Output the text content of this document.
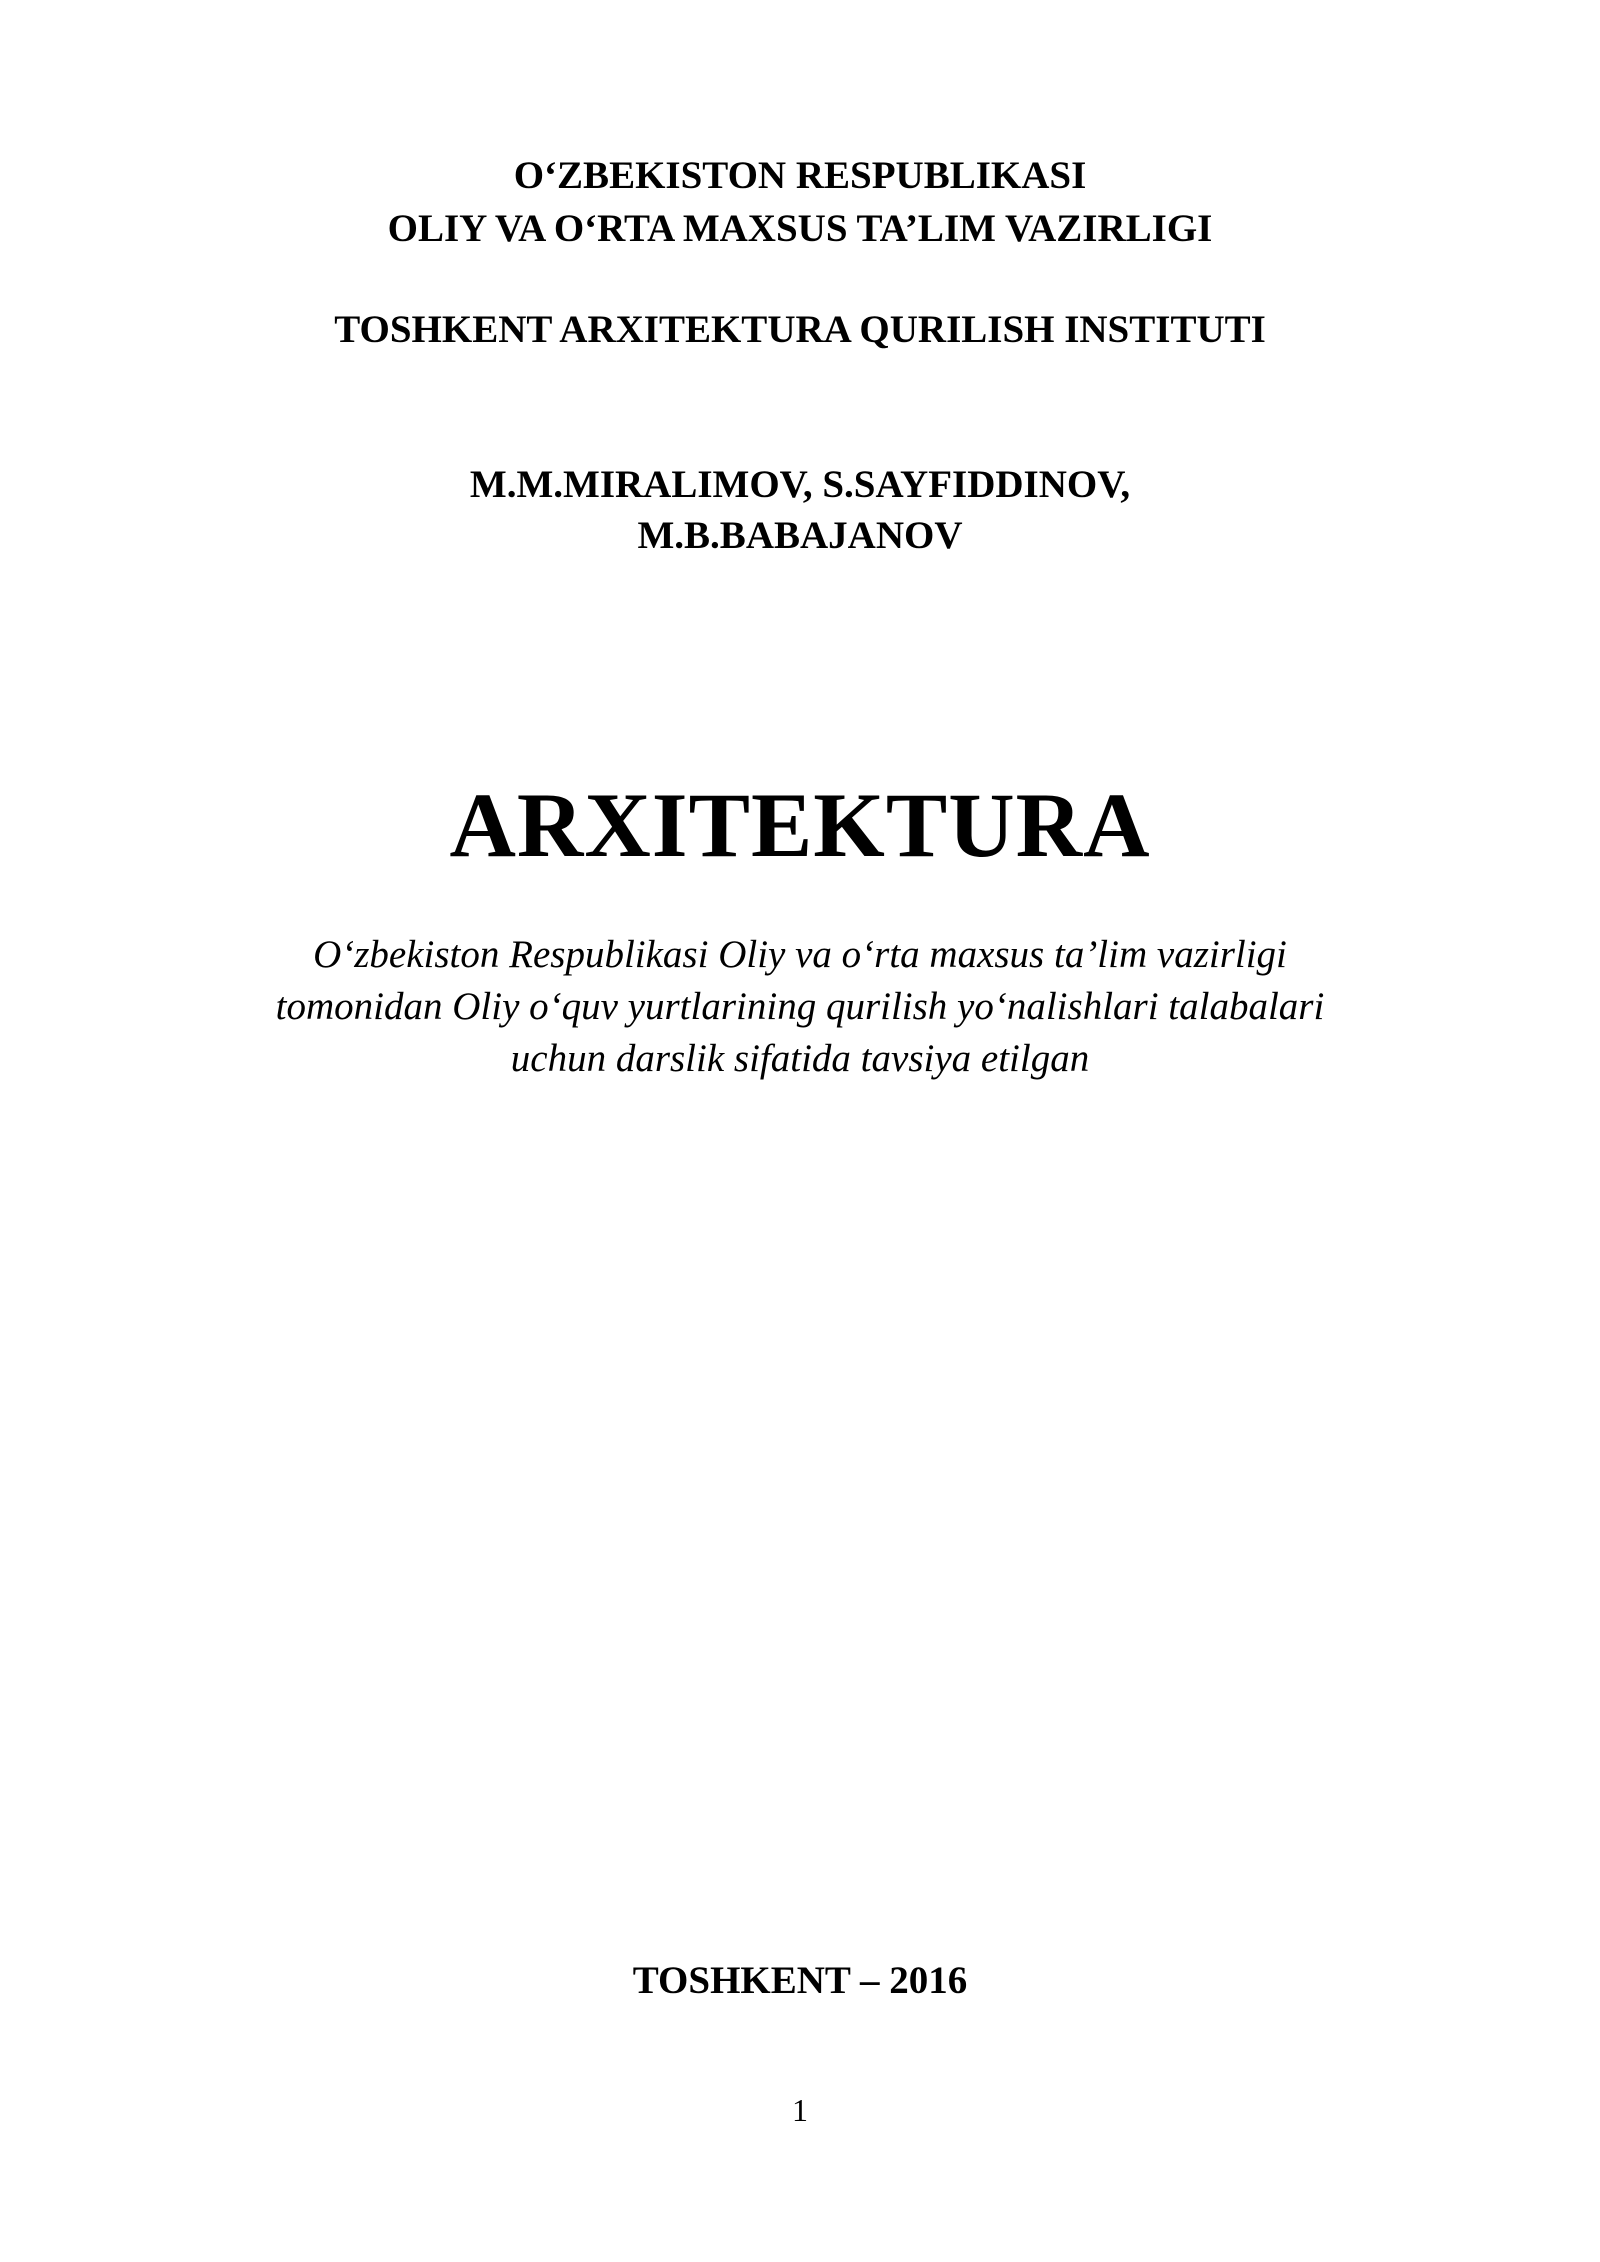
O‘ZBEKISTON RESPUBLIKASI
OLIY VA O‘RTA MAXSUS TA’LIM VAZIRLIGI
TOSHKENT ARXITEKTURA QURILISH INSTITUTI
M.M.MIRALIMOV, S.SAYFIDDINOV,
M.B.BABAJANOV
ARXITEKTURA
O‘zbekiston Respublikasi Oliy va o‘rta maxsus ta’lim vazirligi
tomonidan Oliy o‘quv yurtlarining qurilish yo‘nalishlari talabalari
uchun darslik sifatida tavsiya etilgan
TOSHKENT – 2016
1
